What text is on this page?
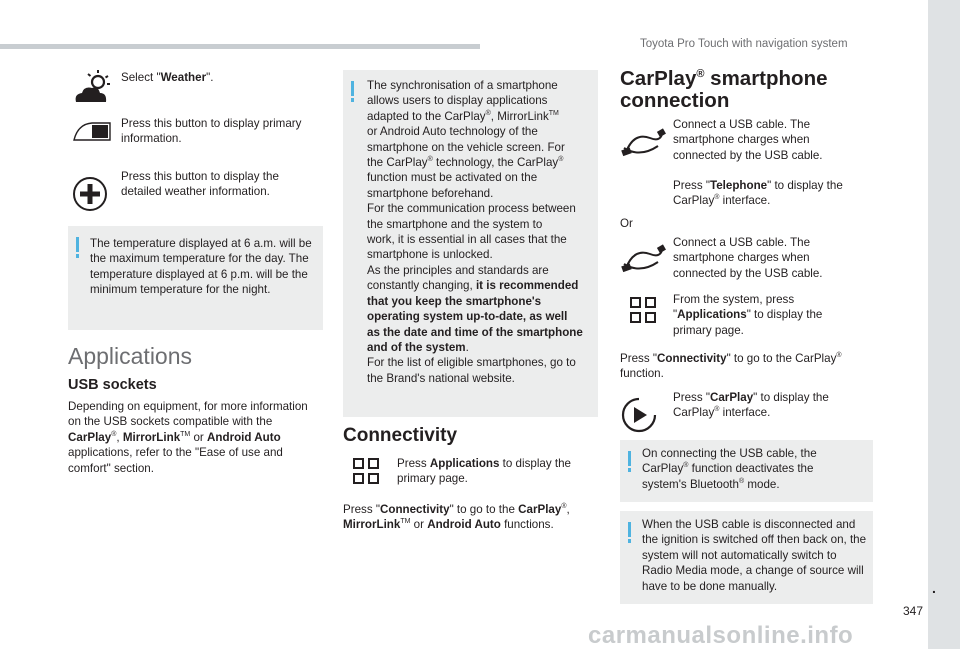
Toyota Pro Touch with navigation system
.
347
carmanualsonline.info
Select "Weather".
Press this button to display primary information.
Press this button to display the detailed weather information.
The temperature displayed at 6 a.m. will be the maximum temperature for the day. The temperature displayed at 6 p.m. will be the minimum temperature for the night.
Applications
USB sockets
Depending on equipment, for more information on the USB sockets compatible with the CarPlay®, MirrorLink™ or Android Auto applications, refer to the "Ease of use and comfort" section.
The synchronisation of a smartphone
allows users to display applications
adapted to the CarPlay®, MirrorLink™
or Android Auto technology of the
smartphone on the vehicle screen. For
the CarPlay® technology, the CarPlay®
function must be activated on the
smartphone beforehand.
For the communication process between
the smartphone and the system to
work, it is essential in all cases that the
smartphone is unlocked.
As the principles and standards are
constantly changing, it is recommended
that you keep the smartphone's
operating system up-to-date, as well
as the date and time of the smartphone
and of the system.
For the list of eligible smartphones, go to
the Brand's national website.
Connectivity
Press Applications to display the
primary page.
Press "Connectivity" to go to the CarPlay®,
MirrorLink™ or Android Auto functions.
CarPlay® smartphone
connection
Connect a USB cable. The smartphone charges when connected by the USB cable.
Press "Telephone" to display the
CarPlay® interface.
Or
Connect a USB cable. The smartphone charges when connected by the USB cable.
From the system, press
"Applications" to display the
primary page.
Press "Connectivity" to go to the CarPlay®
function.
Press "CarPlay" to display the
CarPlay® interface.
On connecting the USB cable, the
CarPlay® function deactivates the
system's Bluetooth® mode.
When the USB cable is disconnected and the ignition is switched off then back on, the system will not automatically switch to Radio Media mode, a change of source will have to be done manually.
